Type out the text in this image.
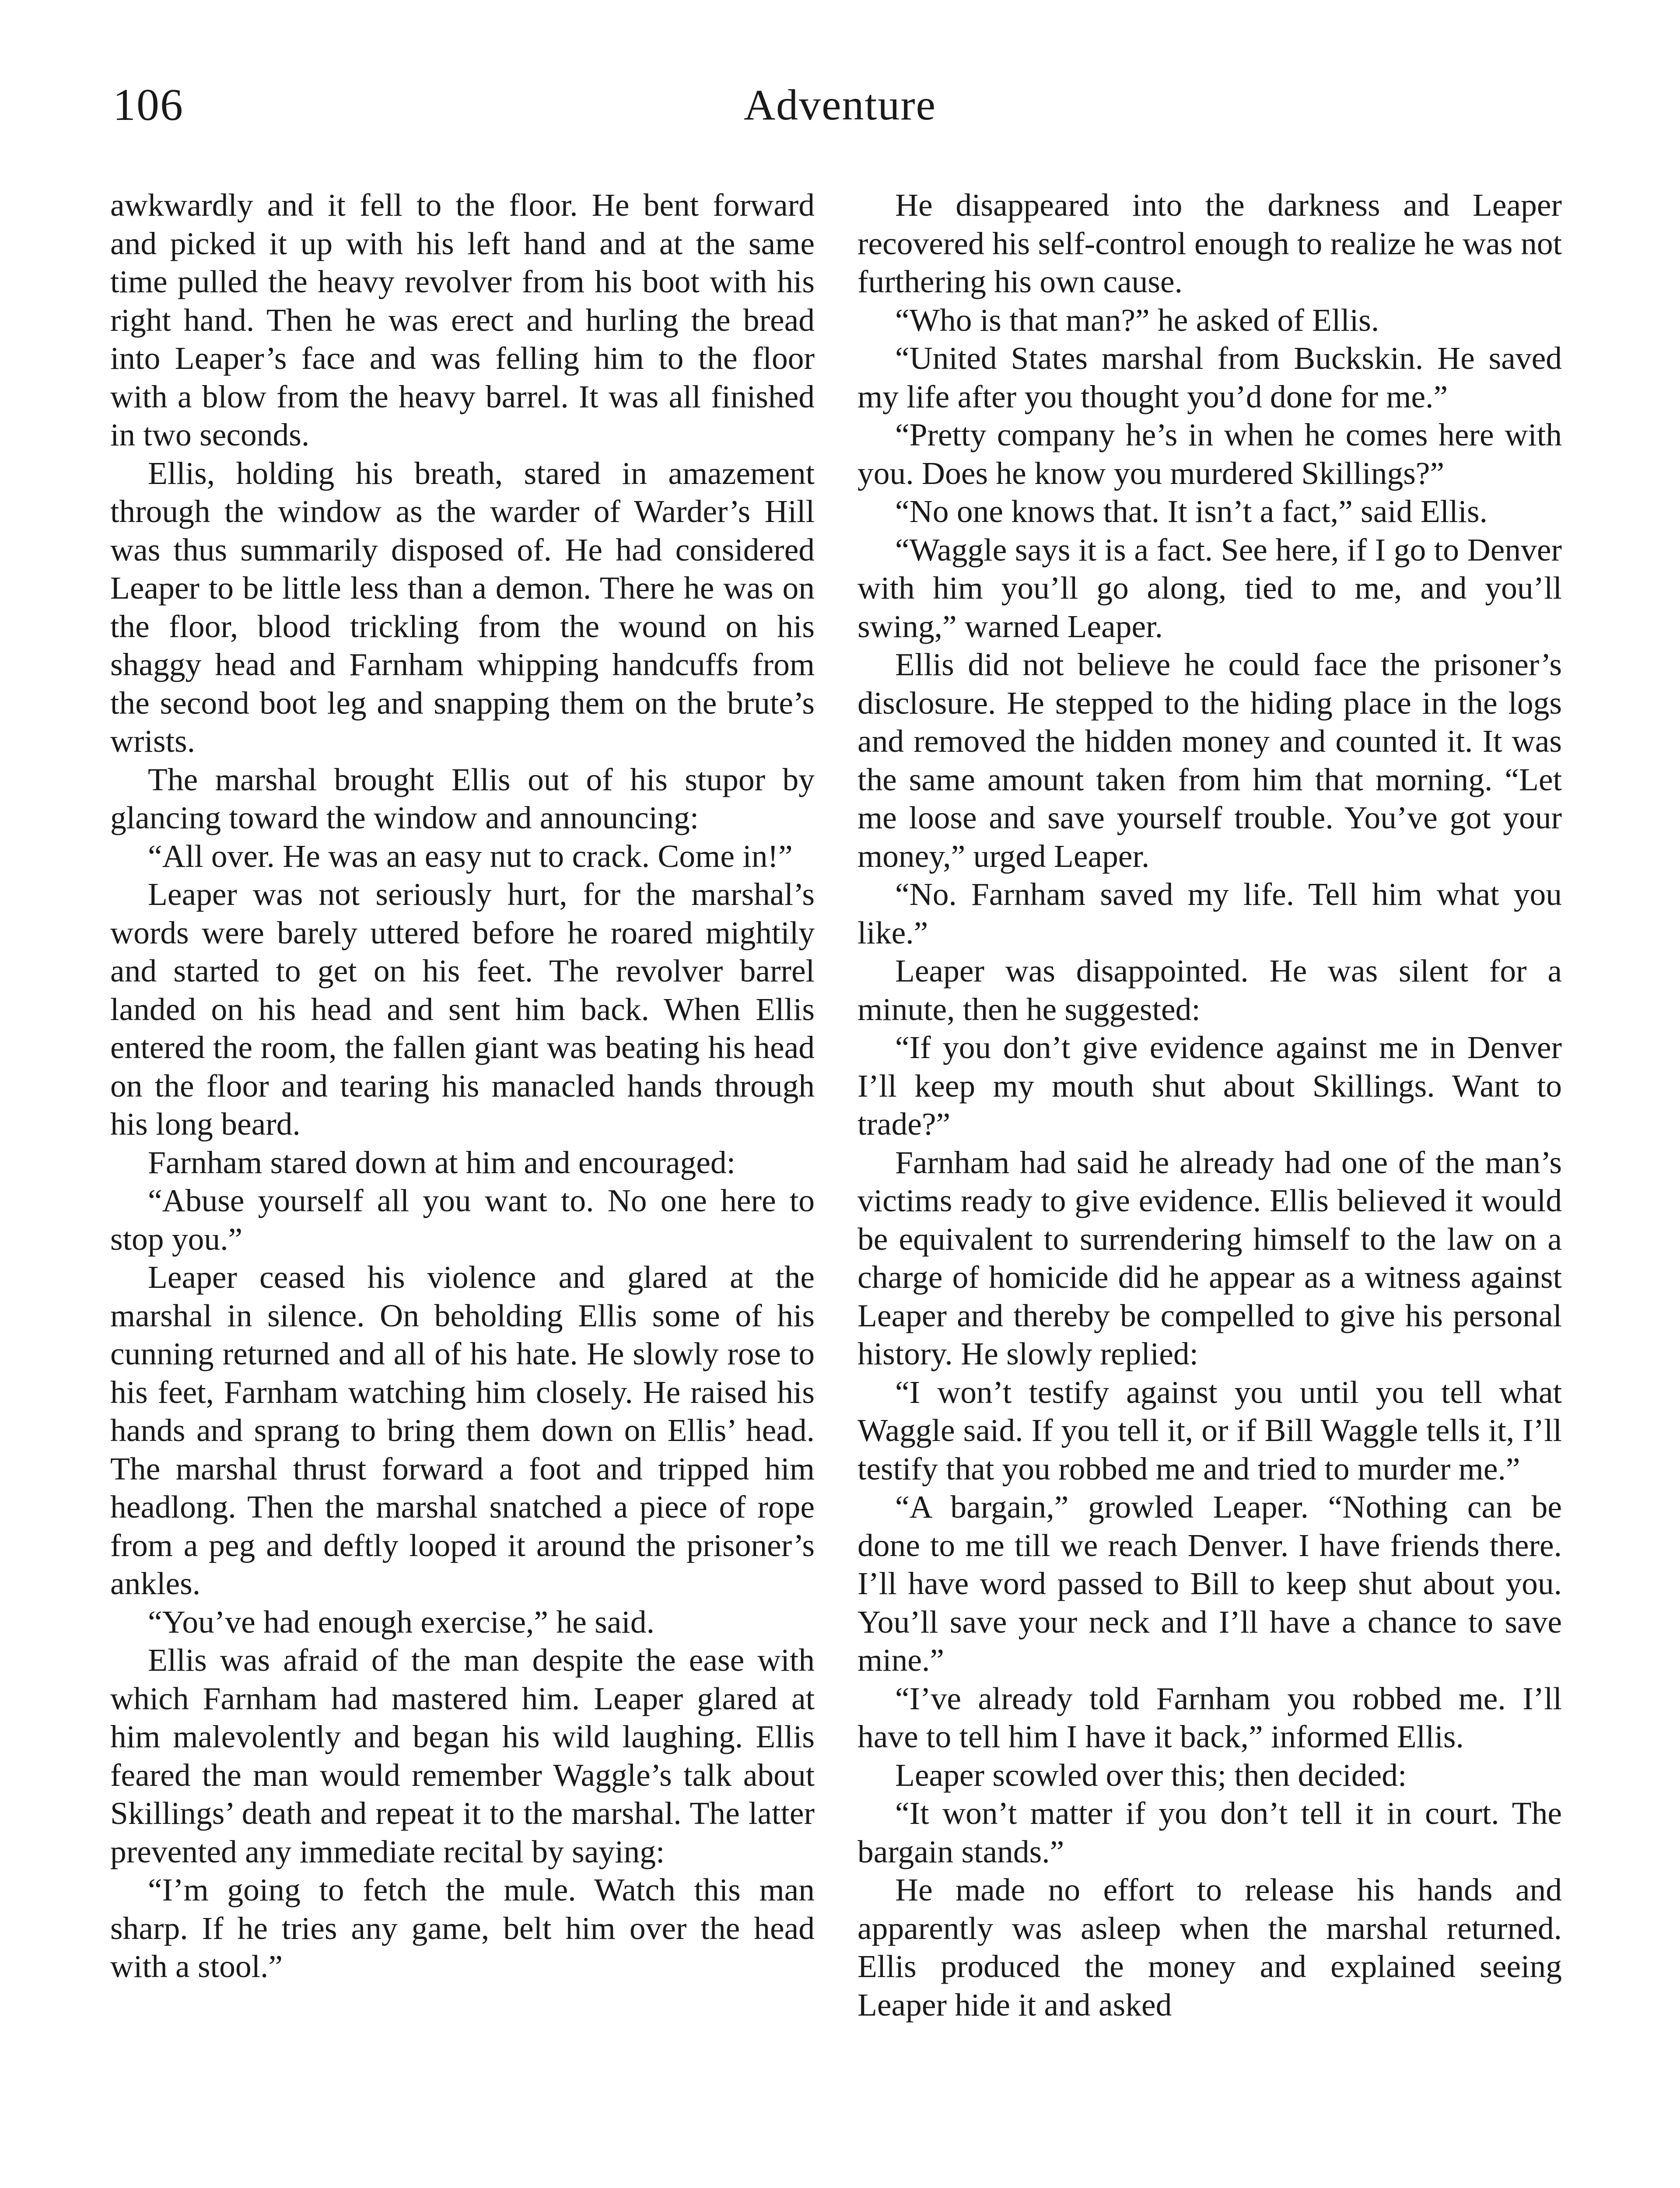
106	Adventure

awkwardly and it fell to the floor. He bent forward and picked it up with his left hand and at the same time pulled the heavy revolver from his boot with his right hand. Then he was erect and hurling the bread into Leaper’s face and was felling him to the floor with a blow from the heavy barrel. It was all finished in two seconds.

Ellis, holding his breath, stared in amazement through the window as the warder of Warder’s Hill was thus summarily disposed of. He had considered Leaper to be little less than a demon. There he was on the floor, blood trickling from the wound on his shaggy head and Farnham whipping handcuffs from the second boot leg and snapping them on the brute’s wrists.

The marshal brought Ellis out of his stupor by glancing toward the window and announcing:

“All over. He was an easy nut to crack. Come in!”

Leaper was not seriously hurt, for the marshal’s words were barely uttered before he roared mightily and started to get on his feet. The revolver barrel landed on his head and sent him back. When Ellis entered the room, the fallen giant was beating his head on the floor and tearing his manacled hands through his long beard.

Farnham stared down at him and encouraged:

“Abuse yourself all you want to. No one here to stop you.”

Leaper ceased his violence and glared at the marshal in silence. On beholding Ellis some of his cunning returned and all of his hate. He slowly rose to his feet, Farnham watching him closely. He raised his hands and sprang to bring them down on Ellis’ head. The marshal thrust forward a foot and tripped him headlong. Then the marshal snatched a piece of rope from a peg and deftly looped it around the prisoner’s ankles.

“You’ve had enough exercise,” he said.

Ellis was afraid of the man despite the ease with which Farnham had mastered him. Leaper glared at him malevolently and began his wild laughing. Ellis feared the man would remember Waggle’s talk about Skillings’ death and repeat it to the marshal. The latter prevented any immediate recital by saying:

“I’m going to fetch the mule. Watch this man sharp. If he tries any game, belt him over the head with a stool.”

He disappeared into the darkness and Leaper recovered his self-control enough to realize he was not furthering his own cause.

“Who is that man?” he asked of Ellis.

“United States marshal from Buckskin. He saved my life after you thought you’d done for me.”

“Pretty company he’s in when he comes here with you. Does he know you murdered Skillings?”

“No one knows that. It isn’t a fact,” said Ellis.

“Waggle says it is a fact. See here, if I go to Denver with him you’ll go along, tied to me, and you’ll swing,” warned Leaper.

Ellis did not believe he could face the prisoner’s disclosure. He stepped to the hiding place in the logs and removed the hidden money and counted it. It was the same amount taken from him that morning. “Let me loose and save yourself trouble. You’ve got your money,” urged Leaper.

“No. Farnham saved my life. Tell him what you like.”

Leaper was disappointed. He was silent for a minute, then he suggested:

“If you don’t give evidence against me in Denver I’ll keep my mouth shut about Skillings. Want to trade?”

Farnham had said he already had one of the man’s victims ready to give evidence. Ellis believed it would be equivalent to surrendering himself to the law on a charge of homicide did he appear as a witness against Leaper and thereby be compelled to give his personal history. He slowly replied:

“I won’t testify against you until you tell what Waggle said. If you tell it, or if Bill Waggle tells it, I’ll testify that you robbed me and tried to murder me.”

“A bargain,” growled Leaper. “Nothing can be done to me till we reach Denver. I have friends there. I’ll have word passed to Bill to keep shut about you. You’ll save your neck and I’ll have a chance to save mine.”

“I’ve already told Farnham you robbed me. I’ll have to tell him I have it back,” informed Ellis.

Leaper scowled over this; then decided:

“It won’t matter if you don’t tell it in court. The bargain stands.”

He made no effort to release his hands and apparently was asleep when the marshal returned. Ellis produced the money and explained seeing Leaper hide it and asked
